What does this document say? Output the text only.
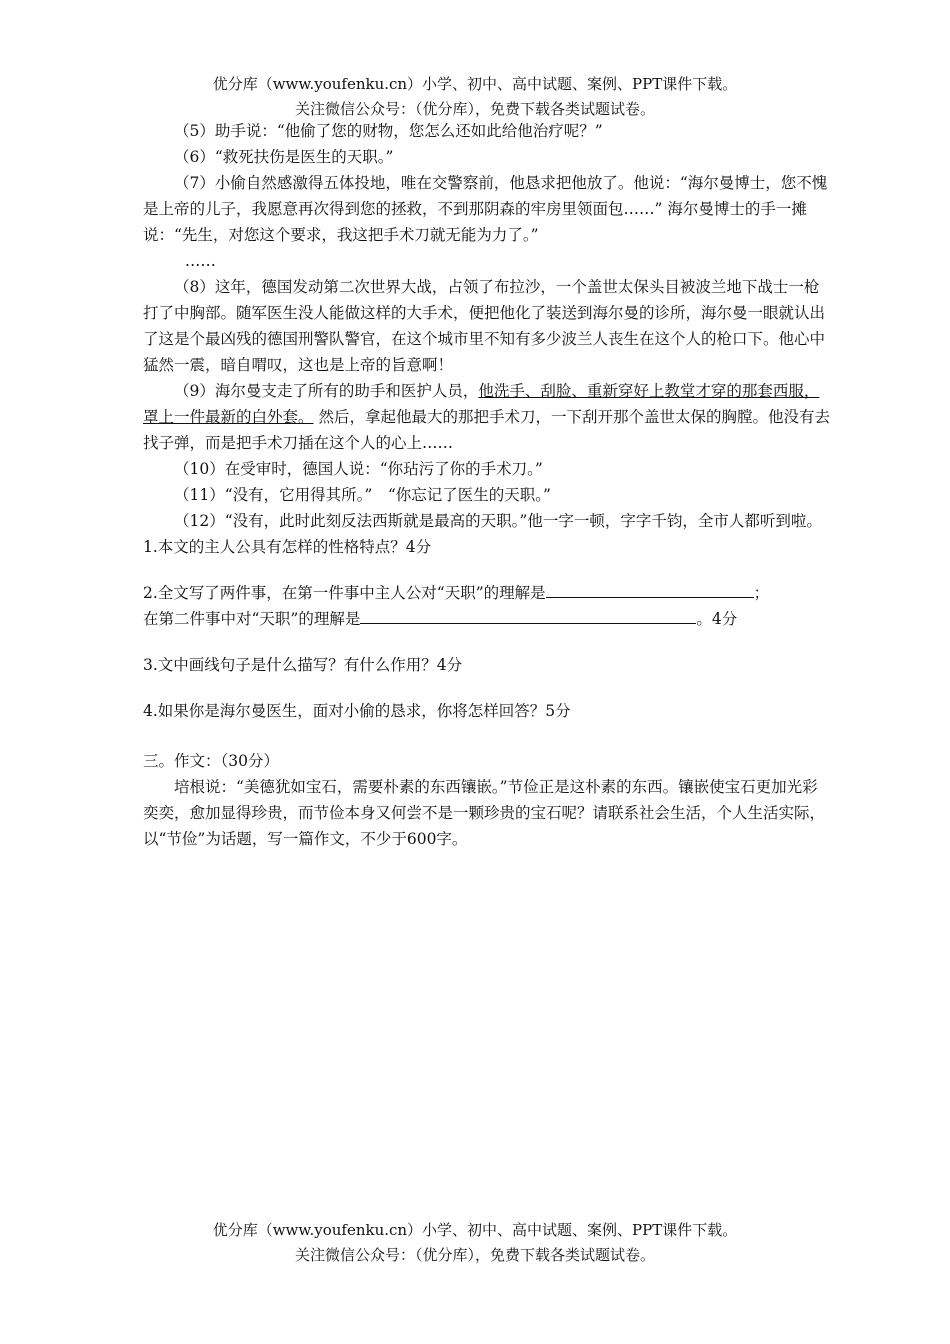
优分库（www.youfenku.cn）小学、初中、高中试题、案例、PPT课件下载。
关注微信公众号：（优分库），免费下载各类试题试卷。

（5）助手说：“他偷了您的财物，您怎么还如此给他治疗呢？”

（6）“救死扶伤是医生的天职。”

（7）小偷自然感激得五体投地，唯在交警察前，他恳求把他放了。他说：“海尔曼博士，您不愧是上帝的儿子，我愿意再次得到您的拯救，不到那阴森的牢房里领面包……” 海尔曼博士的手一摊说：“先生，对您这个要求，我这把手术刀就无能为力了。”

……

（8）这年，德国发动第二次世界大战，占领了布拉沙，一个盖世太保头目被波兰地下战士一枪打了中胸部。随军医生没人能做这样的大手术，便把他化了装送到海尔曼的诊所，海尔曼一眼就认出了这是个最凶残的德国刑警队警官，在这个城市里不知有多少波兰人丧生在这个人的枪口下。他心中猛然一震，暗自喟叹，这也是上帝的旨意啊！

（9）海尔曼支走了所有的助手和医护人员，他洗手、刮脸、重新穿好上教堂才穿的那套西服，罩上一件最新的白外套。 然后，拿起他最大的那把手术刀，一下刮开那个盖世太保的胸膛。他没有去找子弹，而是把手术刀插在这个人的心上……

（10）在受审时，德国人说：“你玷污了你的手术刀。”

（11）“没有，它用得其所。”　“你忘记了医生的天职。”

（12）“没有，此时此刻反法西斯就是最高的天职。”他一字一顿，字字千钧，全市人都听到啦。

1.本文的主人公具有怎样的性格特点？4分

2.全文写了两件事，在第一件事中主人公对“天职”的理解是	；

在第二件事中对“天职”的理解是	。4分

3.文中画线句子是什么描写？有什么作用？4分

4.如果你是海尔曼医生，面对小偷的恳求，你将怎样回答？5分

三。作文：（30分）

培根说：“美德犹如宝石，需要朴素的东西镶嵌。”节俭正是这朴素的东西。镶嵌使宝石更加光彩奕奕，愈加显得珍贵，而节俭本身又何尝不是一颗珍贵的宝石呢？请联系社会生活，个人生活实际，以“节俭”为话题，写一篇作文，不少于600字。

优分库（www.youfenku.cn）小学、初中、高中试题、案例、PPT课件下载。
关注微信公众号：（优分库），免费下载各类试题试卷。
